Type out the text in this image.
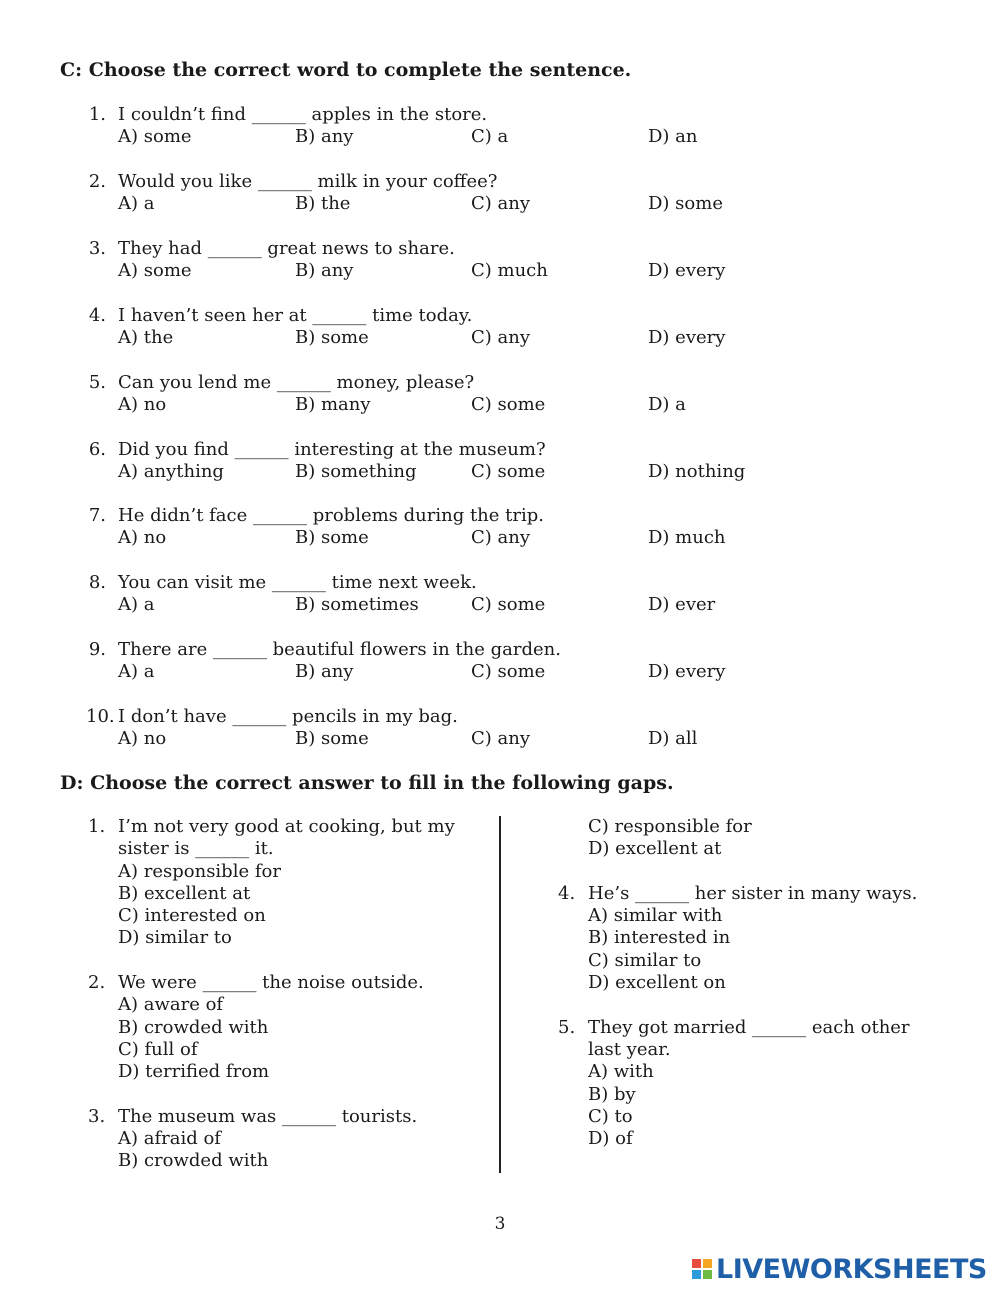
C: Choose the correct word to complete the sentence.
1. I couldn’t find ______ apples in the store.
A) some	B) any	C) a	D) an
2. Would you like ______ milk in your coffee?
A) a	B) the	C) any	D) some
3. They had ______ great news to share.
A) some	B) any	C) much	D) every
4. I haven’t seen her at ______ time today.
A) the	B) some	C) any	D) every
5. Can you lend me ______ money, please?
A) no	B) many	C) some	D) a
6. Did you find ______ interesting at the museum?
A) anything	B) something	C) some	D) nothing
7. He didn’t face ______ problems during the trip.
A) no	B) some	C) any	D) much
8. You can visit me ______ time next week.
A) a	B) sometimes	C) some	D) ever
9. There are ______ beautiful flowers in the garden.
A) a	B) any	C) some	D) every
10. I don’t have ______ pencils in my bag.
A) no	B) some	C) any	D) all
D: Choose the correct answer to fill in the following gaps.
1. I’m not very good at cooking, but my
sister is ______ it.
A) responsible for
B) excellent at
C) interested on
D) similar to
2. We were ______ the noise outside.
A) aware of
B) crowded with
C) full of
D) terrified from
3. The museum was ______ tourists.
A) afraid of
B) crowded with
C) responsible for
D) excellent at
4. He’s ______ her sister in many ways.
A) similar with
B) interested in
C) similar to
D) excellent on
5. They got married ______ each other
last year.
A) with
B) by
C) to
D) of
3
LIVEWORKSHEETS
